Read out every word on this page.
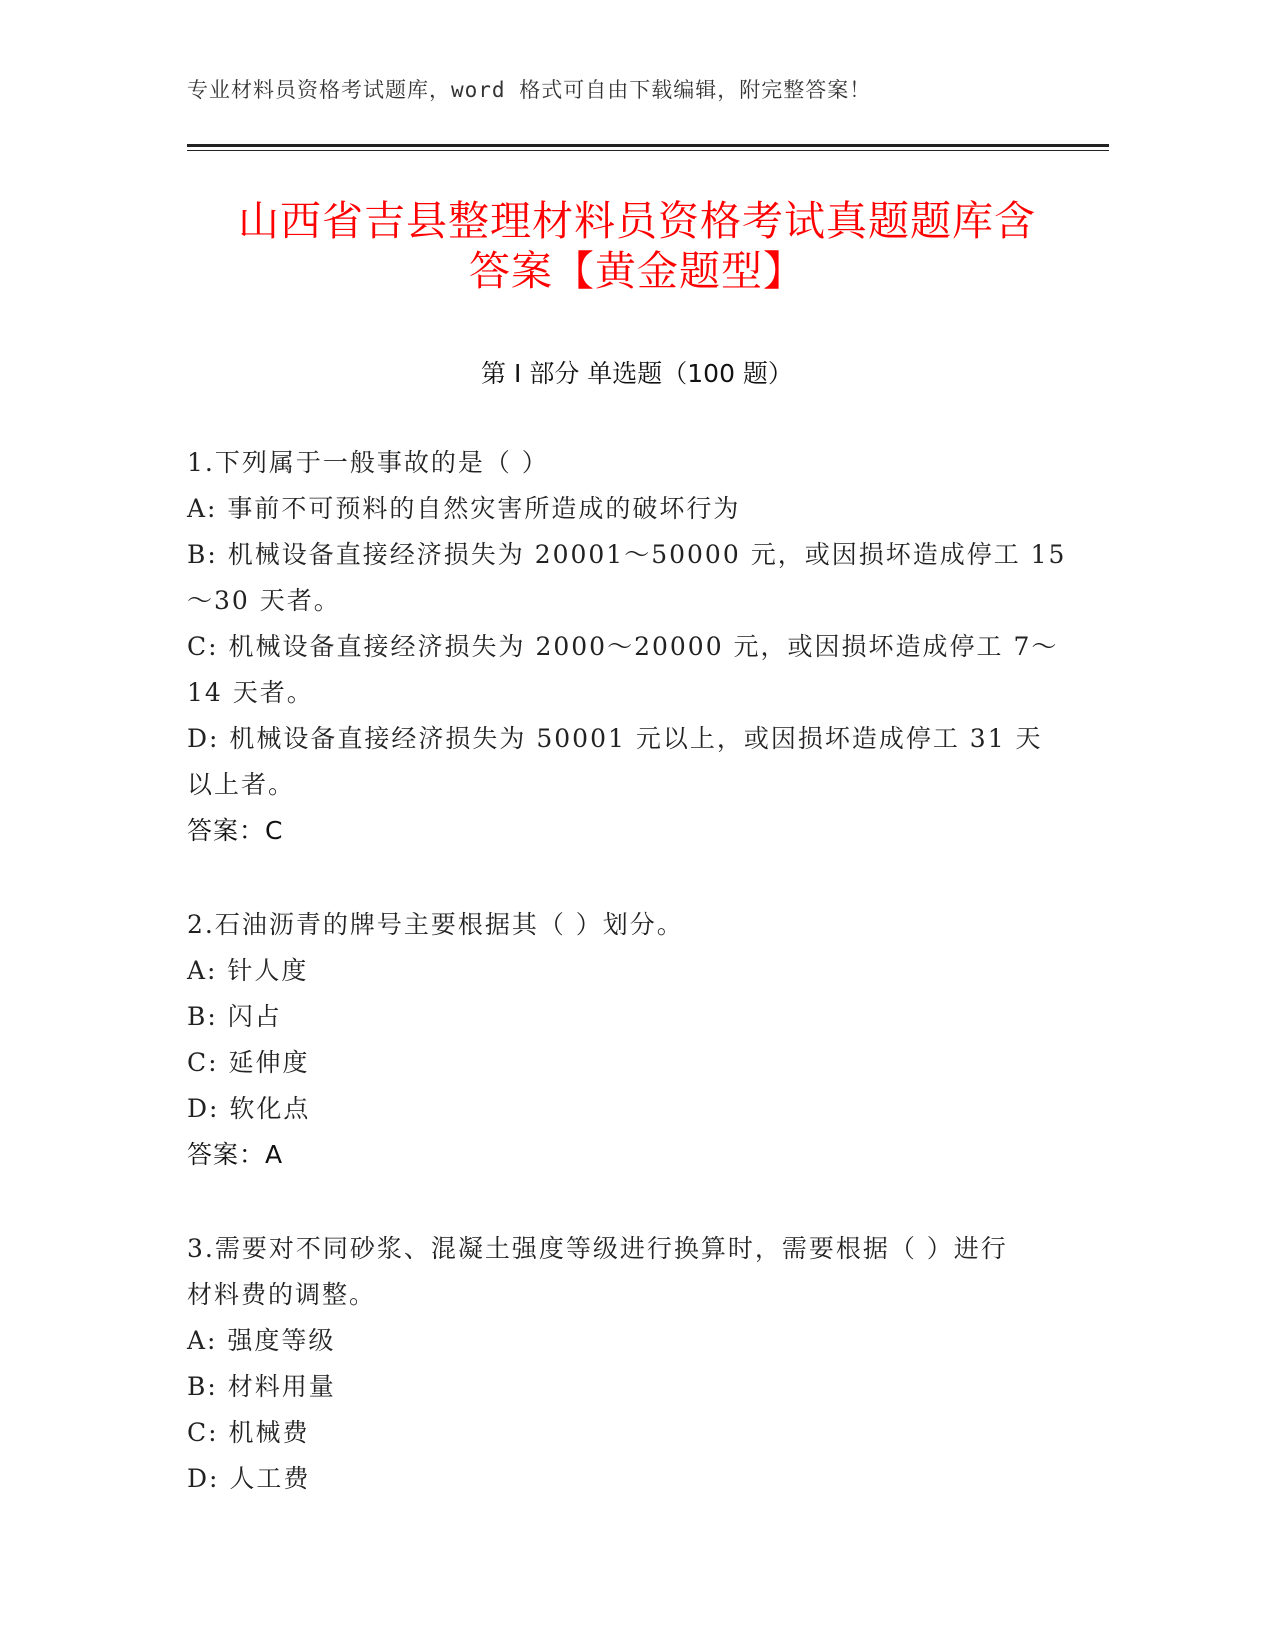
专业材料员资格考试题库，word 格式可自由下载编辑，附完整答案！
山西省吉县整理材料员资格考试真题题库含
答案【黄金题型】
第 I 部分 单选题（100 题）

1.下列属于一般事故的是（ ）

A: 事前不可预料的自然灾害所造成的破坏行为

B: 机械设备直接经济损失为 20001～50000 元，或因损坏造成停工 15

～30 天者。

C: 机械设备直接经济损失为 2000～20000 元，或因损坏造成停工 7～

14 天者。

D: 机械设备直接经济损失为 50001 元以上，或因损坏造成停工 31 天

以上者。

答案：C

2.石油沥青的牌号主要根据其（ ）划分。

A: 针人度

B: 闪占

C: 延伸度

D: 软化点

答案：A

3.需要对不同砂浆、混凝土强度等级进行换算时，需要根据（ ）进行

材料费的调整。

A: 强度等级

B: 材料用量

C: 机械费

D: 人工费
